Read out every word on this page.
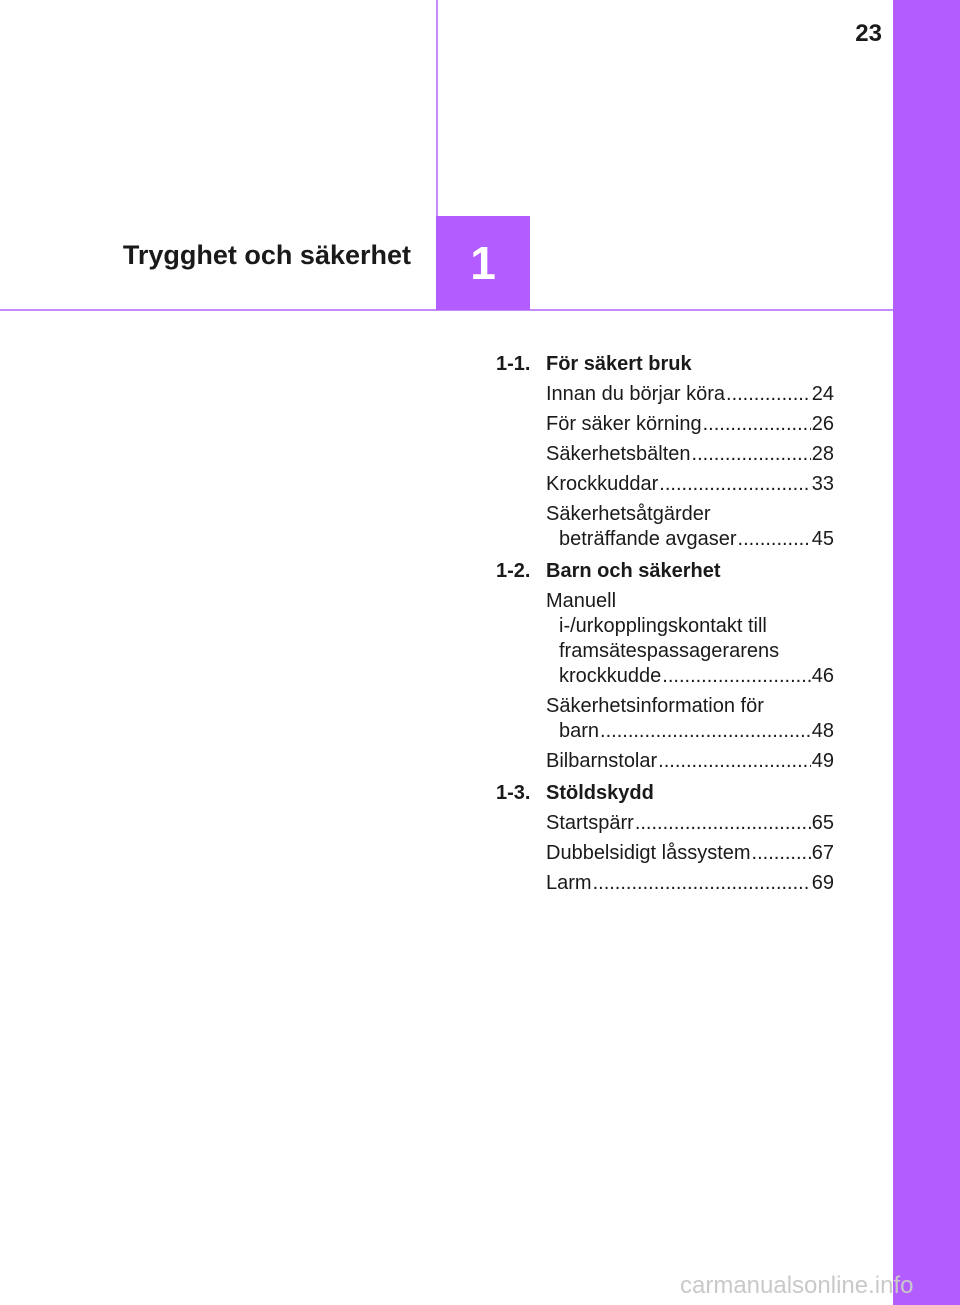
23
Trygghet och säkerhet 1
1-1. För säkert bruk
Innan du börjar köra .....	24
För säker körning .....	26
Säkerhetsbälten .....	28
Krockkuddar .....	33
Säkerhetsåtgärder
beträffande avgaser .....	45
1-2. Barn och säkerhet
Manuell
i-/urkopplingskontakt till
framsätespassagerarens
krockkudde .....	46
Säkerhetsinformation för
barn .....	48
Bilbarnstolar .....	49
1-3. Stöldskydd
Startspärr .....	65
Dubbelsidigt låssystem .....	67
Larm .....	69
carmanualsonline.info
